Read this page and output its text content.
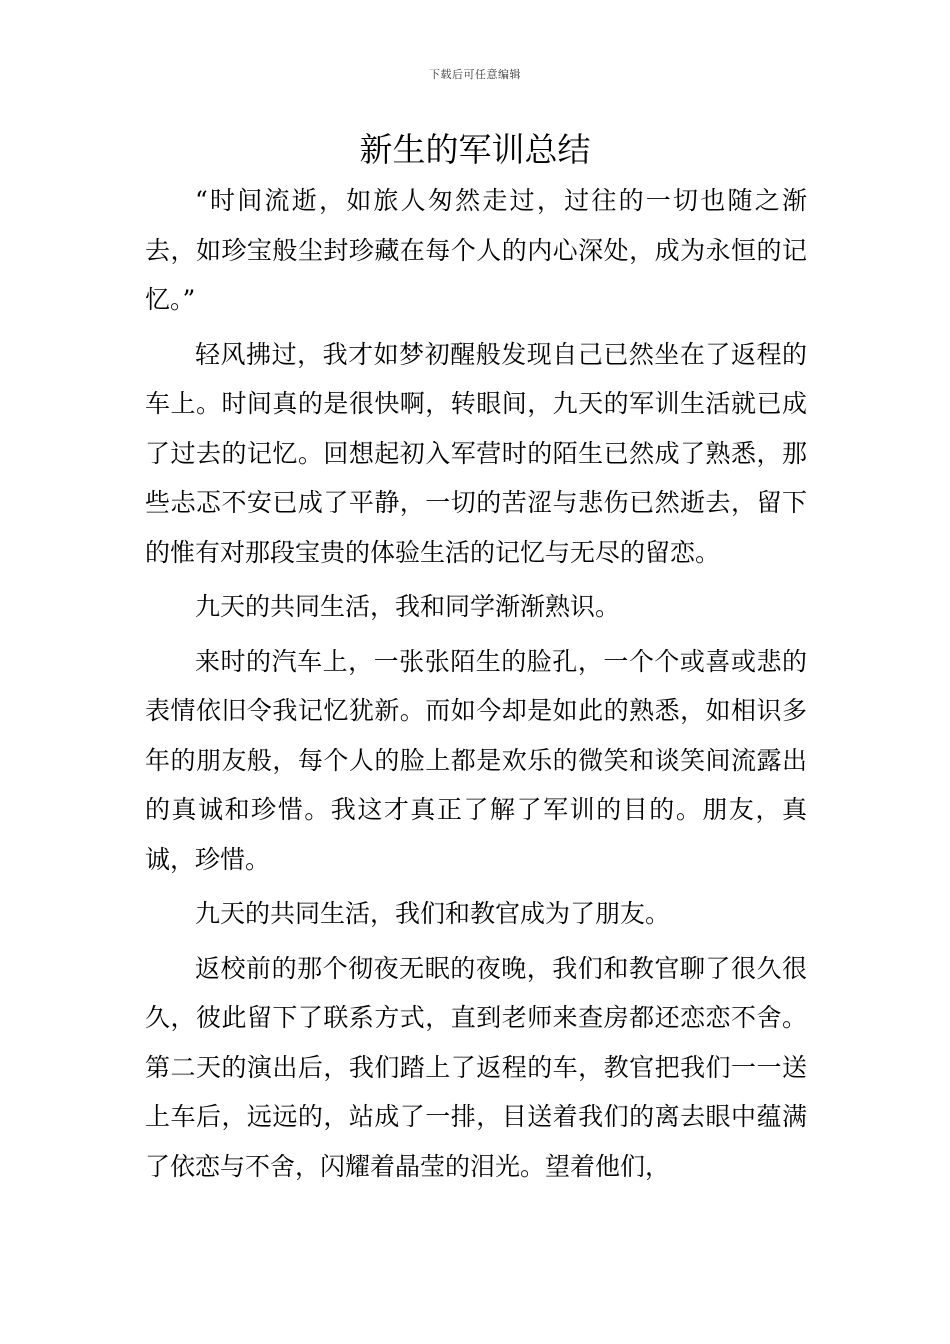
下载后可任意编辑
新生的军训总结

“时间流逝，如旅人匆然走过，过往的一切也随之渐去，如珍宝般尘封珍藏在每个人的内心深处，成为永恒的记忆。”

轻风拂过，我才如梦初醒般发现自己已然坐在了返程的车上。时间真的是很快啊，转眼间，九天的军训生活就已成了过去的记忆。回想起初入军营时的陌生已然成了熟悉，那些忐忑不安已成了平静，一切的苦涩与悲伤已然逝去，留下的惟有对那段宝贵的体验生活的记忆与无尽的留恋。

九天的共同生活，我和同学渐渐熟识。

来时的汽车上，一张张陌生的脸孔，一个个或喜或悲的表情依旧令我记忆犹新。而如今却是如此的熟悉，如相识多年的朋友般，每个人的脸上都是欢乐的微笑和谈笑间流露出的真诚和珍惜。我这才真正了解了军训的目的。朋友，真诚，珍惜。

九天的共同生活，我们和教官成为了朋友。

返校前的那个彻夜无眠的夜晚，我们和教官聊了很久很久，彼此留下了联系方式，直到老师来查房都还恋恋不舍。第二天的演出后，我们踏上了返程的车，教官把我们一一送上车后，远远的，站成了一排，目送着我们的离去眼中蕴满了依恋与不舍，闪耀着晶莹的泪光。望着他们，
